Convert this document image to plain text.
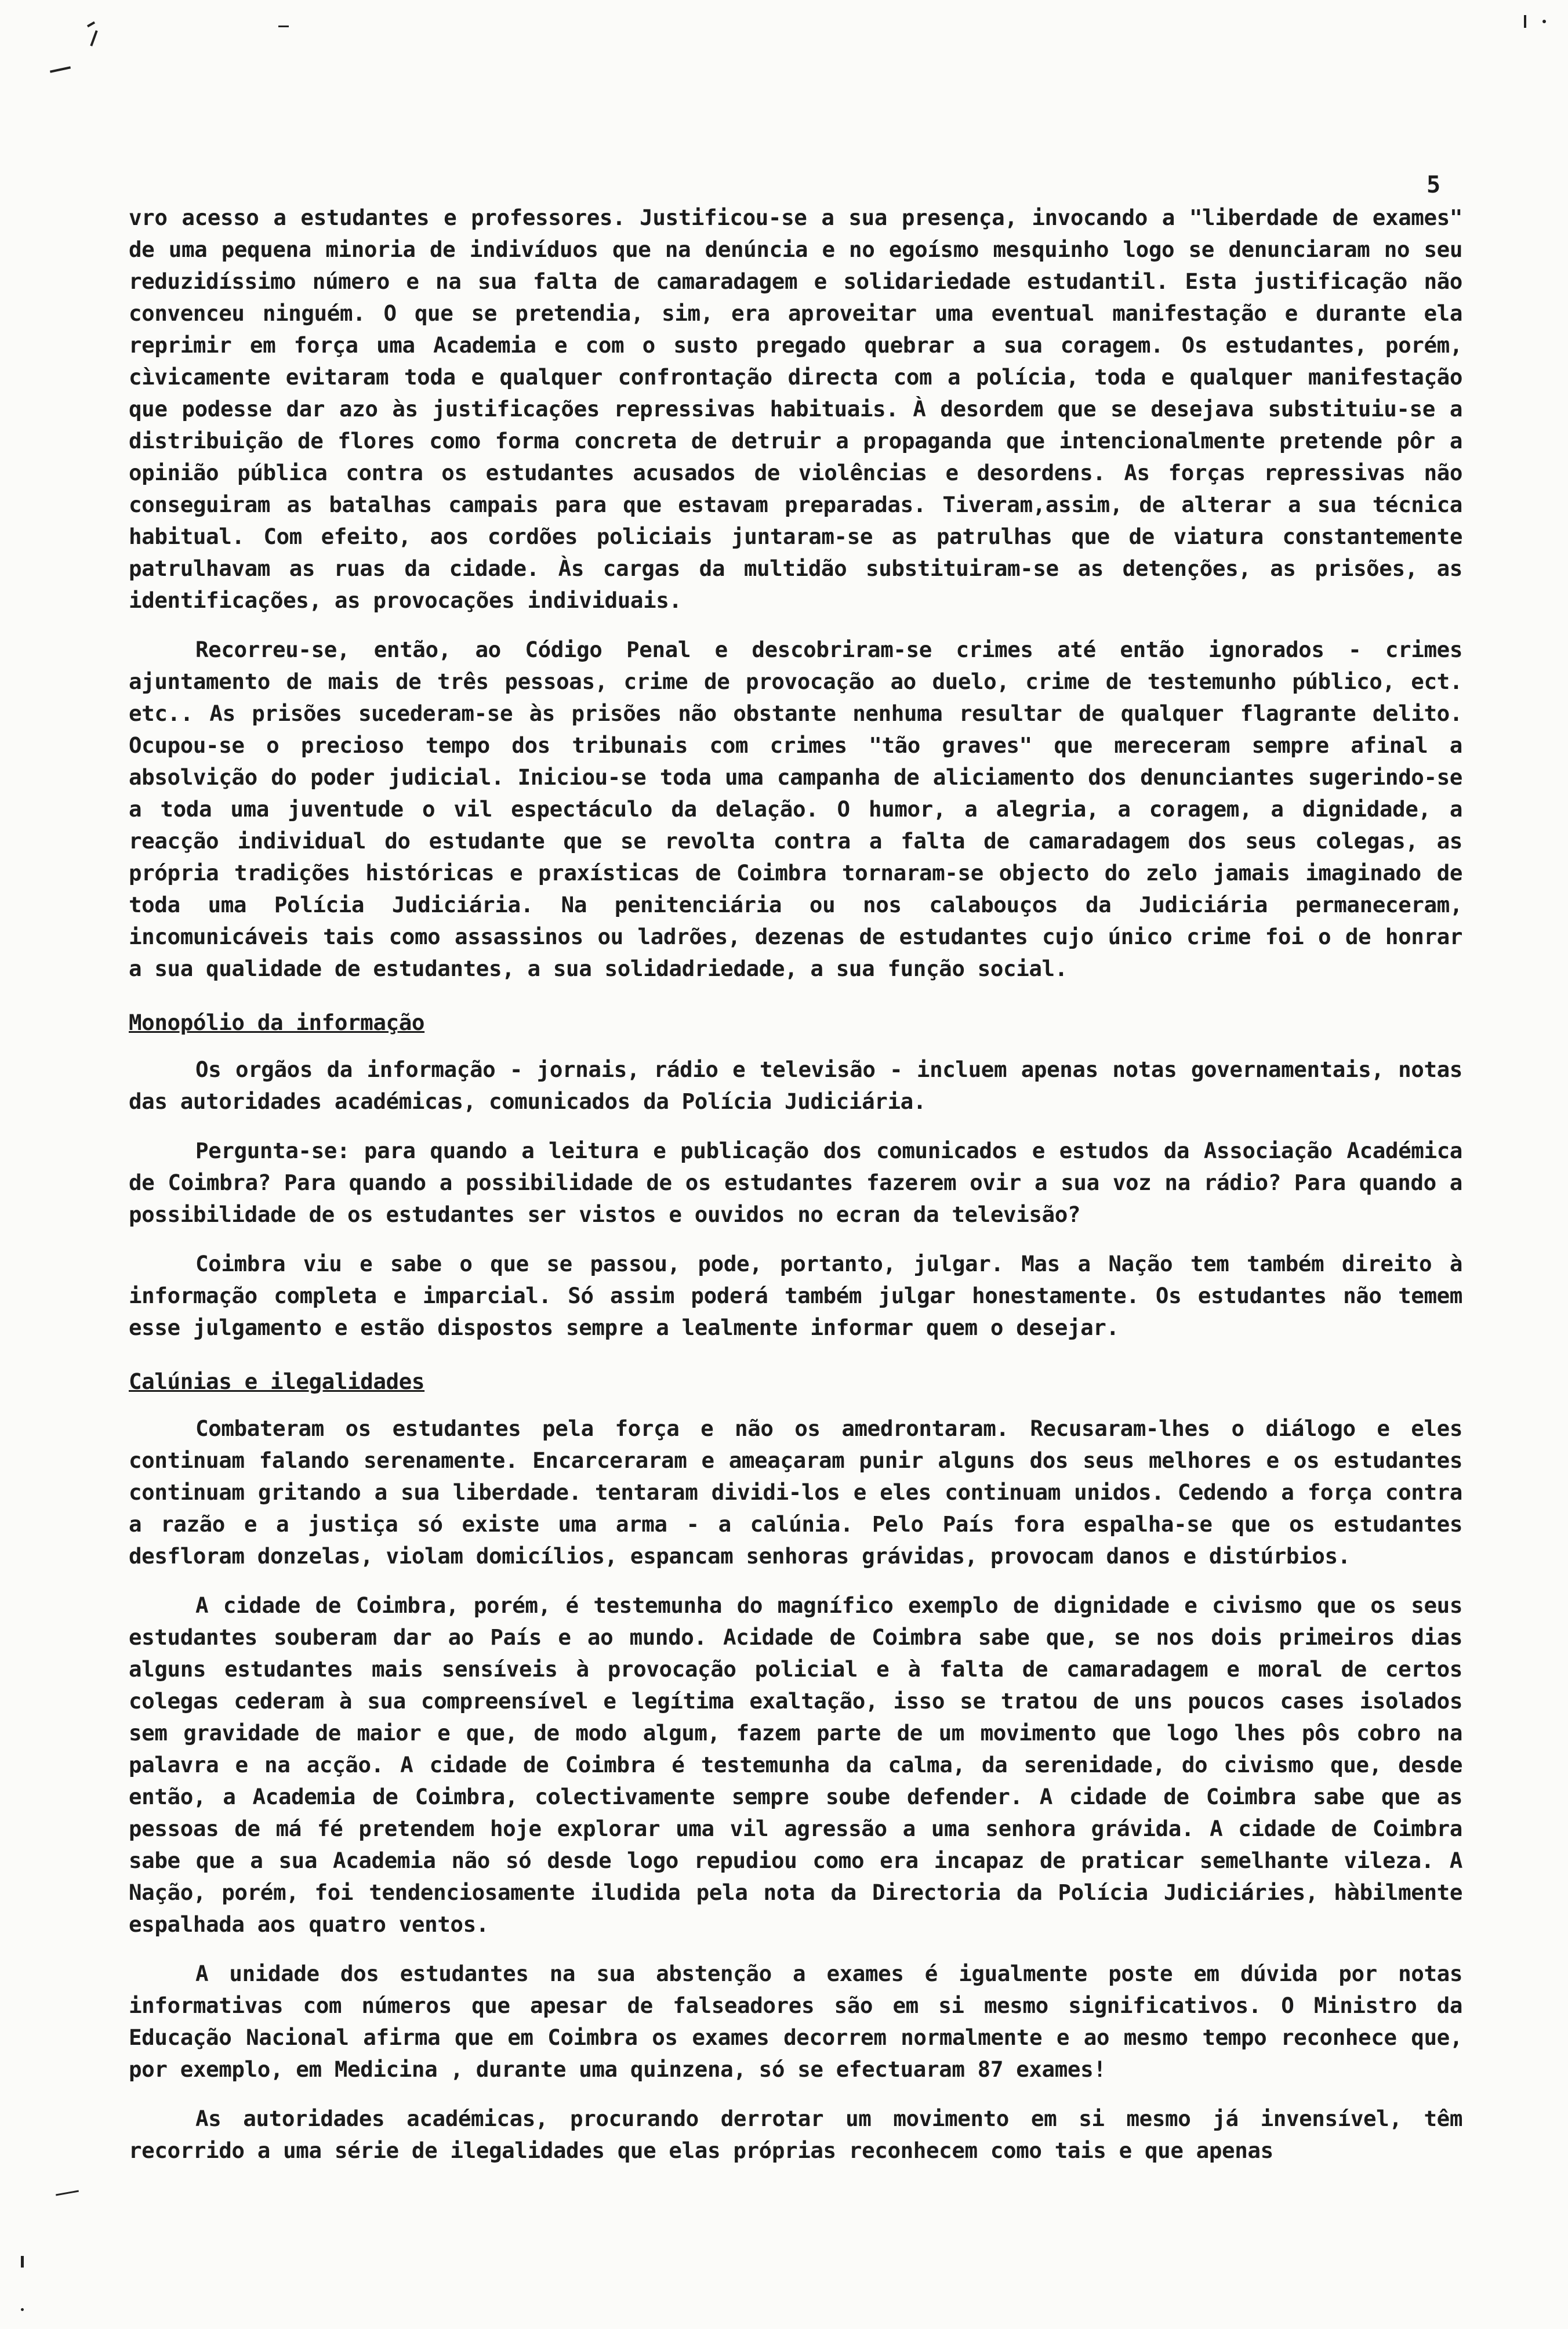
5

vro acesso a estudantes e professores. Justificou-se a sua presença, invocando a "liberdade de exames" de uma pequena minoria de indivíduos que na denúncia e no egoísmo mesquinho logo se denunciaram no seu reduzidíssimo número e na sua falta de camaradagem e solidariedade estudantil. Esta justificação não convenceu ninguém. O que se pretendia, sim, era aproveitar uma eventual manifestação e durante ela reprimir em força uma Academia e com o susto pregado quebrar a sua coragem. Os estudantes, porém, cìvicamente evitaram toda e qualquer confrontação directa com a polícia, toda e qualquer manifestação que podesse dar azo às justificações repressivas habituais. À desordem que se desejava substituiu-se a distribuição de flores como forma concreta de detruir a propaganda que intencionalmente pretende pôr a opinião pública contra os estudantes acusados de violências e desordens. As forças repressivas não conseguiram as batalhas campais para que estavam preparadas. Tiveram,assim, de alterar a sua técnica habitual. Com efeito, aos cordões policiais juntaram-se as patrulhas que de viatura constantemente patrulhavam as ruas da cidade. Às cargas da multidão substituiram-se as detenções, as prisões, as identificações, as provocações individuais.

Recorreu-se, então, ao Código Penal e descobriram-se crimes até então ignorados - crimes ajuntamento de mais de três pessoas, crime de provocação ao duelo, crime de testemunho público, ect. etc.. As prisões sucederam-se às prisões não obstante nenhuma resultar de qualquer flagrante delito. Ocupou-se o precioso tempo dos tribunais com crimes "tão graves" que mereceram sempre afinal a absolvição do poder judicial. Iniciou-se toda uma campanha de aliciamento dos denunciantes sugerindo-se a toda uma juventude o vil espectáculo da delação. O humor, a alegria, a coragem, a dignidade, a reacção individual do estudante que se revolta contra a falta de camaradagem dos seus colegas, as própria tradições históricas e praxísticas de Coimbra tornaram-se objecto do zelo jamais imaginado de toda uma Polícia Judiciária. Na penitenciária ou nos calabouços da Judiciária permaneceram, incomunicáveis tais como assassinos ou ladrões, dezenas de estudantes cujo único crime foi o de honrar a sua qualidade de estudantes, a sua solidadriedade, a sua função social.

Monopólio da informação

Os orgãos da informação - jornais, rádio e televisão - incluem apenas notas governamentais, notas das autoridades académicas, comunicados da Polícia Judiciária.

Pergunta-se: para quando a leitura e publicação dos comunicados e estudos da Associação Académica de Coimbra? Para quando a possibilidade de os estudantes fazerem ovir a sua voz na rádio? Para quando a possibilidade de os estudantes ser vistos e ouvidos no ecran da televisão?

Coimbra viu e sabe o que se passou, pode, portanto, julgar. Mas a Nação tem também direito à informação completa e imparcial. Só assim poderá também julgar honestamente. Os estudantes não temem esse julgamento e estão dispostos sempre a lealmente informar quem o desejar.

Calúnias e ilegalidades

Combateram os estudantes pela força e não os amedrontaram. Recusaram-lhes o diálogo e eles continuam falando serenamente. Encarceraram e ameaçaram punir alguns dos seus melhores e os estudantes continuam gritando a sua liberdade. tentaram dividi-los e eles continuam unidos. Cedendo a força contra a razão e a justiça só existe uma arma - a calúnia. Pelo País fora espalha-se que os estudantes desfloram donzelas, violam domicílios, espancam senhoras grávidas, provocam danos e distúrbios.

A cidade de Coimbra, porém, é testemunha do magnífico exemplo de dignidade e civismo que os seus estudantes souberam dar ao País e ao mundo. Acidade de Coimbra sabe que, se nos dois primeiros dias alguns estudantes mais sensíveis à provocação policial e à falta de camaradagem e moral de certos colegas cederam à sua compreensível e legítima exaltação, isso se tratou de uns poucos cases isolados sem gravidade de maior e que, de modo algum, fazem parte de um movimento que logo lhes pôs cobro na palavra e na acção. A cidade de Coimbra é testemunha da calma, da serenidade, do civismo que, desde então, a Academia de Coimbra, colectivamente sempre soube defender. A cidade de Coimbra sabe que as pessoas de má fé pretendem hoje explorar uma vil agressão a uma senhora grávida. A cidade de Coimbra sabe que a sua Academia não só desde logo repudiou como era incapaz de praticar semelhante vileza. A Nação, porém, foi tendenciosamente iludida pela nota da Directoria da Polícia Judiciáries, hàbilmente espalhada aos quatro ventos.

A unidade dos estudantes na sua abstenção a exames é igualmente poste em dúvida por notas informativas com números que apesar de falseadores são em si mesmo significativos. O Ministro da Educação Nacional afirma que em Coimbra os exames decorrem normalmente e ao mesmo tempo reconhece que, por exemplo, em Medicina , durante uma quinzena, só se efectuaram 87 exames!

As autoridades académicas, procurando derrotar um movimento em si mesmo já invensível, têm recorrido a uma série de ilegalidades que elas próprias reconhecem como tais e que apenas
